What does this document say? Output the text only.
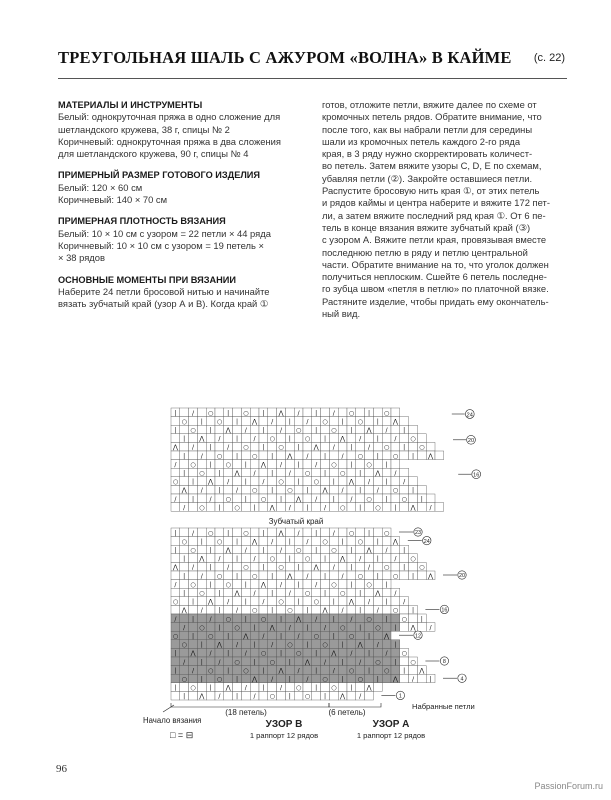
ТРЕУГОЛЬНАЯ ШАЛЬ С АЖУРОМ «ВОЛНА» В КАЙМЕ (с. 22)
МАТЕРИАЛЫ И ИНСТРУМЕНТЫ

Белый: однокруточная пряжа в одно сложение для
шетландского кружева, 38 г, спицы № 2
Коричневый: однокруточная пряжа в два сложения
для шетландского кружева, 90 г, спицы № 4

ПРИМЕРНЫЙ РАЗМЕР ГОТОВОГО ИЗДЕЛИЯ

Белый: 120 × 60 см
Коричневый: 140 × 70 см

ПРИМЕРНАЯ ПЛОТНОСТЬ ВЯЗАНИЯ

Белый: 10 × 10 см с узором = 22 петли × 44 ряда
Коричневый: 10 × 10 см с узором = 19 петель ×
× 38 рядов

ОСНОВНЫЕ МОМЕНТЫ ПРИ ВЯЗАНИИ

Наберите 24 петли бросовой нитью и начинайте
вязать зубчатый край (узор А и В). Когда край ①

готов, отложите петли, вяжите далее по схеме от
кромочных петель рядов. Обратите внимание, что
после того, как вы набрали петли для середины
шали из кромочных петель каждого 2-го ряда
края, в 3 ряду нужно скорректировать количест-
во петель. Затем вяжите узоры С, D, E по схемам,
убавляя петли (②). Закройте оставшиеся петли.
Распустите бросовую нить края ①, от этих петель
и рядов каймы и центра наберите и вяжите 172 пет-
ли, а затем вяжите последний ряд края ①. От 6 пе-
тель в конце вязания вяжите зубчатый край (③)
с узором А. Вяжите петли края, провязывая вместе
последнюю петлю в ряду и петлю центральной
части. Обратите внимание на то, что уголок должен
получиться неплоским. Сшейте 6 петель последне-
го зубца швом «петля в петлю» по платочной вязке.
Растяните изделие, чтобы придать ему окончатель-
ный вид.

|	/ ○ | ○ | ⋀ /	|	/ ○ | ○
○ | ○ | ⋀ /	|	/ ○ | ○ | ⋀
| ○ | ⋀ /	|	/ ○ | ○ | ⋀ /	|
| ⋀ /	|	/ ○ | ○ | ⋀ /	|	/ ○
⋀ /	|	/ ○ | ○ | ⋀ /	|	/ ○ | ○
|	/ ○ | ○ | ⋀ /	|	/ ○ | ○ | ⋀
/ ○ | ○ | ⋀ /	|	/ ○ | ○ |
| ○ | ⋀ /	|	/ ○ | ○ | ⋀ /
○ | ⋀ /	|	/ ○ | ○ | ⋀ /	|	/
⋀ /	|	/ ○ | ○ | ⋀ /	|	/ ○ |
/	|	/ ○ | ○ | ⋀ /	|	/ ○ | ○ |
/ ○ | ○ | ⋀ /	|	/ ○ | ○ | ⋀ /
24
20
16
Зубчатый край
|	/ ○ | ○ | ⋀ /	|	/ ○ | ○
○ | ○ | ⋀ /	|	/ ○ | ○ | ⋀
| ○ | ⋀ /	|	/ ○ | ○ | ⋀ /	|
| ⋀ /	|	/ ○ | ○ | ⋀ /	|	/ ○
⋀ /	|	/ ○ | ○ | ⋀ /	|	/ ○ | ○
|	/ ○ | ○ | ⋀ /	|	/ ○ | ○ | ⋀
/ ○ | ○ | ⋀ /	|	/ ○ | ○ |
| ○ | ⋀ /	|	/ ○ | ○ | ⋀ /
○ | ⋀ /	|	/ ○ | ○ | ⋀ /	|	/
⋀ /	|	/ ○ | ○ | ⋀ /	|	/ ○ |
/	|	/ ○ | ○ | ⋀ /	|	/ ○ | ○ |
/ ○ | ○ | ⋀ /	|	/ ○ | ○ | ⋀ /
○ | ○ | ⋀ /	|	/ ○ | ○ | ⋀
○ | ⋀ /	|	/ ○ | ○ | ⋀ /	|
| ⋀ /	|	/ ○ | ○ | ⋀ /	|	/ ○
/	|	/ ○ | ○ | ⋀ /	|	/ ○ | ○
|	/ ○ | ○ | ⋀ /	|	/ ○ | ○ | ⋀
○ | ○ | ⋀ /	|	/ ○ | ○ | ⋀ /	|
| ○ | ⋀ /	|	/ ○ | ○ | ⋀
| ⋀ /	|	/ ○ | ○ | ⋀ /
23
24
20
16
12
8
4
1
Набранные петли
(18 петель)	(6 петель)
Начало вязания	УЗОР В
1 раппорт 12 рядов
УЗОР А
1 раппорт 12 рядов
□ = ⊟
96
PassionForum.ru
